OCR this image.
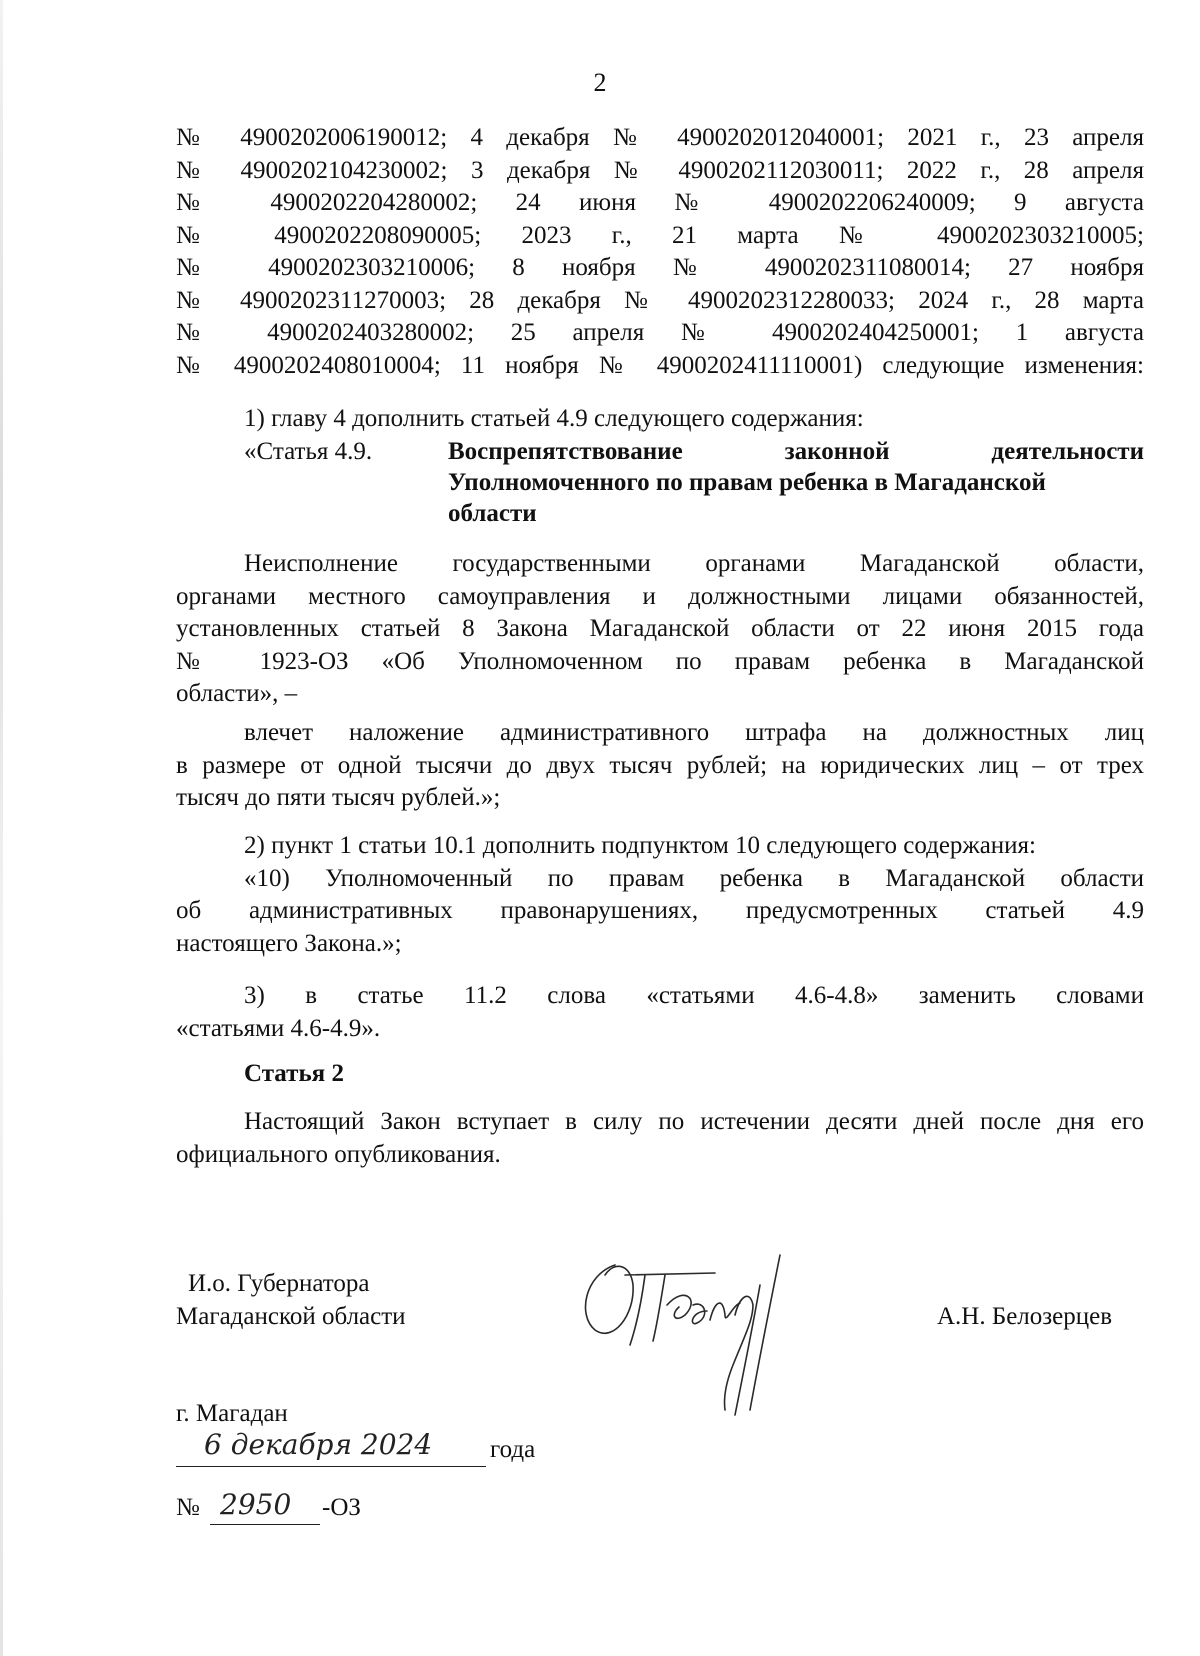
2
№ 4900202006190012; 4 декабря № 4900202012040001; 2021 г., 23 апреля
№ 4900202104230002; 3 декабря № 4900202112030011; 2022 г., 28 апреля
№ 4900202204280002; 24 июня № 4900202206240009; 9 августа
№ 4900202208090005; 2023 г., 21 марта № 4900202303210005;
№ 4900202303210006; 8 ноября № 4900202311080014; 27 ноября
№ 4900202311270003; 28 декабря № 4900202312280033; 2024 г., 28 марта
№ 4900202403280002; 25 апреля № 4900202404250001; 1 августа
№ 4900202408010004; 11 ноября № 4900202411110001) следующие изменения:

1) главу 4 дополнить статьей 4.9 следующего содержания:

«Статья 4.9.	Воспрепятствование законной деятельности
Уполномоченного по правам ребенка в Магаданской
области
Неисполнение государственными органами Магаданской области,
органами местного самоуправления и должностными лицами обязанностей,
установленных статьей 8 Закона Магаданской области от 22 июня 2015 года
№ 1923-ОЗ «Об Уполномоченном по правам ребенка в Магаданской
области», –
влечет наложение административного штрафа на должностных лиц
в размере от одной тысячи до двух тысяч рублей; на юридических лиц – от трех
тысяч до пяти тысяч рублей.»;
2) пункт 1 статьи 10.1 дополнить подпунктом 10 следующего содержания:
«10) Уполномоченный по правам ребенка в Магаданской области
об административных правонарушениях, предусмотренных статьей 4.9
настоящего Закона.»;
3) в статье 11.2 слова «статьями 4.6-4.8» заменить словами
«статьями 4.6-4.9».
Статья 2
Настоящий Закон вступает в силу по истечении десяти дней после дня его
официального опубликования.
И.о. Губернатора
Магаданской области	А.Н. Белозерцев
г. Магадан
6 декабря 2024	года
№ 2950 -ОЗ
